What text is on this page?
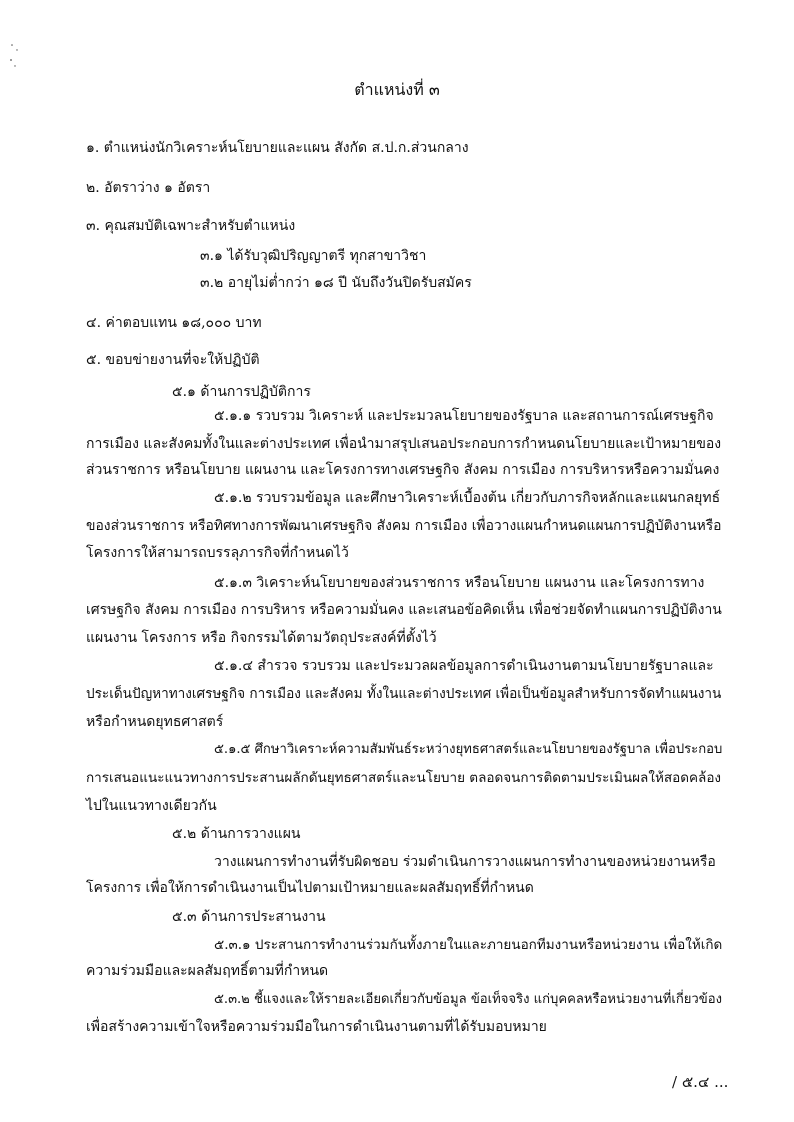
ตำแหน่งที่ ๓
๑. ตำแหน่งนักวิเคราะห์นโยบายและแผน สังกัด ส.ป.ก.ส่วนกลาง
๒. อัตราว่าง ๑ อัตรา
๓. คุณสมบัติเฉพาะสำหรับตำแหน่ง
๓.๑ ได้รับวุฒิปริญญาตรี ทุกสาขาวิชา
๓.๒ อายุไม่ต่ำกว่า ๑๘ ปี นับถึงวันปิดรับสมัคร
๔. ค่าตอบแทน ๑๘,๐๐๐ บาท
๕. ขอบข่ายงานที่จะให้ปฏิบัติ
๕.๑ ด้านการปฏิบัติการ
๕.๑.๑ รวบรวม วิเคราะห์ และประมวลนโยบายของรัฐบาล และสถานการณ์เศรษฐกิจ
การเมือง และสังคมทั้งในและต่างประเทศ เพื่อนำมาสรุปเสนอประกอบการกำหนดนโยบายและเป้าหมายของ
ส่วนราชการ หรือนโยบาย แผนงาน และโครงการทางเศรษฐกิจ สังคม การเมือง การบริหารหรือความมั่นคง
๕.๑.๒ รวบรวมข้อมูล และศึกษาวิเคราะห์เบื้องต้น เกี่ยวกับภารกิจหลักและแผนกลยุทธ์
ของส่วนราชการ หรือทิศทางการพัฒนาเศรษฐกิจ สังคม การเมือง เพื่อวางแผนกำหนดแผนการปฏิบัติงานหรือ
โครงการให้สามารถบรรลุภารกิจที่กำหนดไว้
๕.๑.๓ วิเคราะห์นโยบายของส่วนราชการ หรือนโยบาย แผนงาน และโครงการทาง
เศรษฐกิจ สังคม การเมือง การบริหาร หรือความมั่นคง และเสนอข้อคิดเห็น เพื่อช่วยจัดทำแผนการปฏิบัติงาน
แผนงาน โครงการ หรือ กิจกรรมได้ตามวัตถุประสงค์ที่ตั้งไว้
๕.๑.๔ สำรวจ รวบรวม และประมวลผลข้อมูลการดำเนินงานตามนโยบายรัฐบาลและ
ประเด็นปัญหาทางเศรษฐกิจ การเมือง และสังคม ทั้งในและต่างประเทศ เพื่อเป็นข้อมูลสำหรับการจัดทำแผนงาน
หรือกำหนดยุทธศาสตร์
๕.๑.๕ ศึกษาวิเคราะห์ความสัมพันธ์ระหว่างยุทธศาสตร์และนโยบายของรัฐบาล เพื่อประกอบ
การเสนอแนะแนวทางการประสานผลักดันยุทธศาสตร์และนโยบาย ตลอดจนการติดตามประเมินผลให้สอดคล้อง
ไปในแนวทางเดียวกัน
๕.๒ ด้านการวางแผน
วางแผนการทำงานที่รับผิดชอบ ร่วมดำเนินการวางแผนการทำงานของหน่วยงานหรือ
โครงการ เพื่อให้การดำเนินงานเป็นไปตามเป้าหมายและผลสัมฤทธิ์ที่กำหนด
๕.๓ ด้านการประสานงาน
๕.๓.๑ ประสานการทำงานร่วมกันทั้งภายในและภายนอกทีมงานหรือหน่วยงาน เพื่อให้เกิด
ความร่วมมือและผลสัมฤทธิ์ตามที่กำหนด
๕.๓.๒ ชี้แจงและให้รายละเอียดเกี่ยวกับข้อมูล ข้อเท็จจริง แก่บุคคลหรือหน่วยงานที่เกี่ยวข้อง
เพื่อสร้างความเข้าใจหรือความร่วมมือในการดำเนินงานตามที่ได้รับมอบหมาย
/ ๕.๔ ...
